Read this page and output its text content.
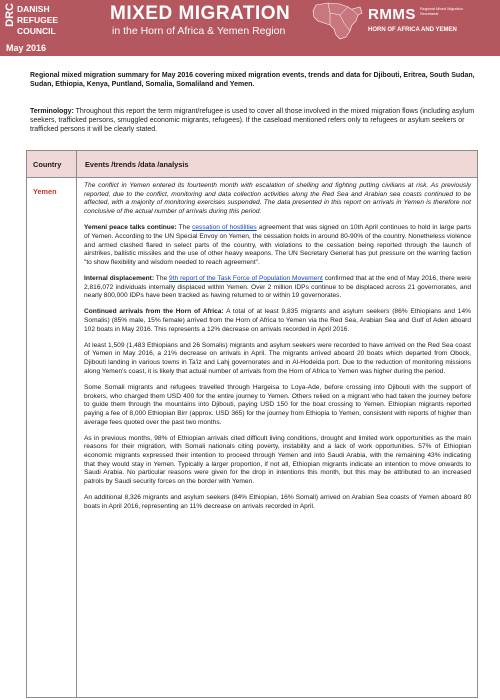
DRC DANISH
REFUGEE
COUNCIL
MIXED MIGRATION
in the Horn of Africa & Yemen Region
RMMS Regional Mixed Migration Secretariat
HORN OF AFRICA AND YEMEN
May 2016
Regional mixed migration summary for May 2016 covering mixed migration events, trends and data for Djibouti, Eritrea, South Sudan, Sudan, Ethiopia, Kenya, Puntland, Somalia, Somaliland and Yemen.
Terminology: Throughout this report the term migrant/refugee is used to cover all those involved in the mixed migration flows (including asylum seekers, trafficked persons, smuggled economic migrants, refugees). If the caseload mentioned refers only to refugees or asylum seekers or trafficked persons it will be clearly stated.
Country	Events /trends /data /analysis
Yemen

The conflict in Yemen entered its fourteenth month with escalation of shelling and fighting putting civilians at risk. As previously reported, due to the conflict, monitoring and data collection activities along the Red Sea and Arabian sea coasts continued to be affected, with a majority of monitoring exercises suspended. The data presented in this report on arrivals in Yemen is therefore not conclusive of the actual number of arrivals during this period.

Yemeni peace talks continue: The cessation of hostilities agreement that was signed on 10th April continues to hold in large parts of Yemen. According to the UN Special Envoy on Yemen, the cessation holds in around 80-90% of the country. Nonetheless violence and armed clashed flared in select parts of the country, with violations to the cessation being reported through the launch of airstrikes, ballistic missiles and the use of other heavy weapons. The UN Secretary General has put pressure on the warring faction "to show flexibility and wisdom needed to reach agreement".

Internal displacement: The 9th report of the Task Force of Population Movement confirmed that at the end of May 2016, there were 2,816,072 individuals internally displaced within Yemen. Over 2 million IDPs continue to be displaced across 21 governorates, and nearly 800,000 IDPs have been tracked as having returned to or within 19 governorates.

Continued arrivals from the Horn of Africa: A total of at least 9,835 migrants and asylum seekers (86% Ethiopians and 14% Somalis) (85% male, 15% female) arrived from the Horn of Africa to Yemen via the Red Sea, Arabian Sea and Gulf of Aden aboard 102 boats in May 2016. This represents a 12% decrease on arrivals recorded in April 2016.

At least 1,509 (1,483 Ethiopians and 26 Somalis) migrants and asylum seekers were recorded to have arrived on the Red Sea coast of Yemen in May 2016, a 21% decrease on arrivals in April. The migrants arrived aboard 20 boats which departed from Obock, Djibouti landing in various towns in Ta'iz and Lahj governorates and in Al-Hodeida port. Due to the reduction of monitoring missions along Yemen's coast, it is likely that actual number of arrivals from the Horn of Africa to Yemen was higher during the period.

Some Somali migrants and refugees travelled through Hargeisa to Loya-Ade, before crossing into Djibouti with the support of brokers, who charged them USD 400 for the entire journey to Yemen. Others relied on a migrant who had taken the journey before to guide them through the mountains into Djibouti, paying USD 150 for the boat crossing to Yemen. Ethiopian migrants reported paying a fee of 8,000 Ethiopian Birr (approx. USD 365) for the journey from Ethiopia to Yemen, consistent with reports of higher than average fees quoted over the past two months.

As in previous months, 98% of Ethiopian arrivals cited difficult living conditions, drought and limited work opportunities as the main reasons for their migration, with Somali nationals citing poverty, instability and a lack of work opportunities. 57% of Ethiopian economic migrants expressed their intention to proceed through Yemen and into Saudi Arabia, with the remaining 43% indicating that they would stay in Yemen. Typically a larger proportion, if not all, Ethiopian migrants indicate an intention to move onwards to Saudi Arabia. No particular reasons were given for the drop in intentions this month, but this may be attributed to an increased patrols by Saudi security forces on the border with Yemen.

An additional 8,326 migrants and asylum seekers (84% Ethiopian, 16% Somali) arrived on Arabian Sea coasts of Yemen aboard 80 boats in April 2016, representing an 11% decrease on arrivals recorded in April.
